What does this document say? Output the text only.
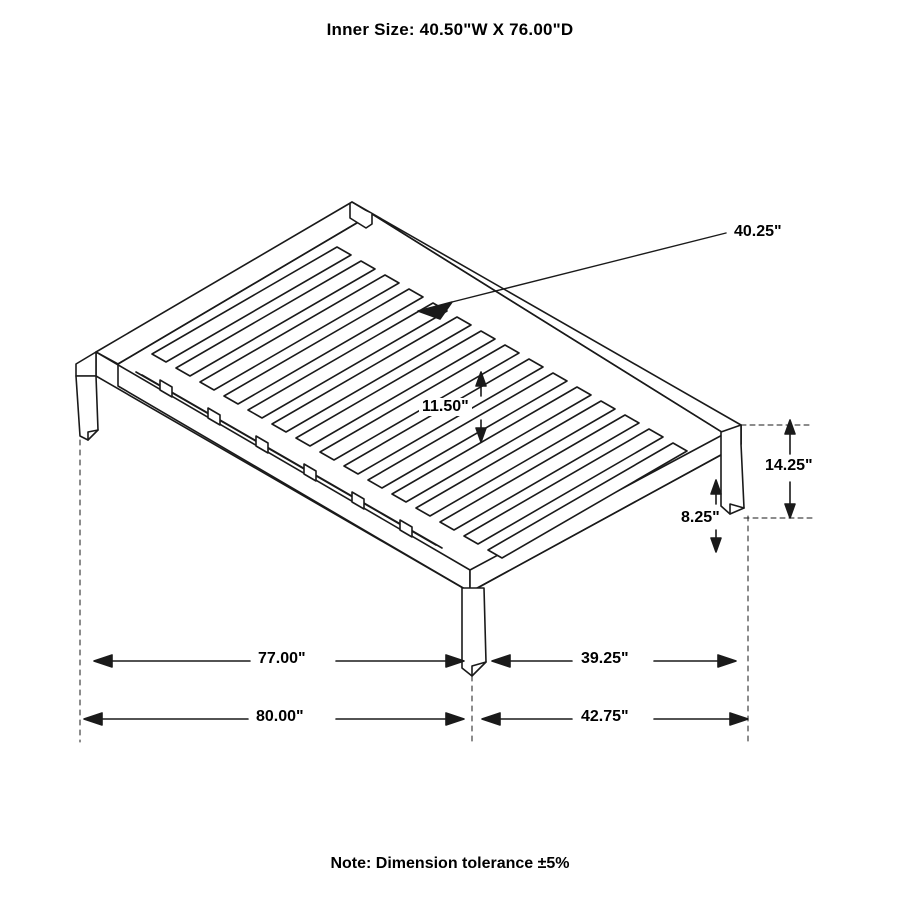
Inner Size: 40.50"W X 76.00"D
40.25"
11.50"
14.25"
8.25"
77.00"	39.25"
80.00"	42.75"
Note: Dimension tolerance ±5%
